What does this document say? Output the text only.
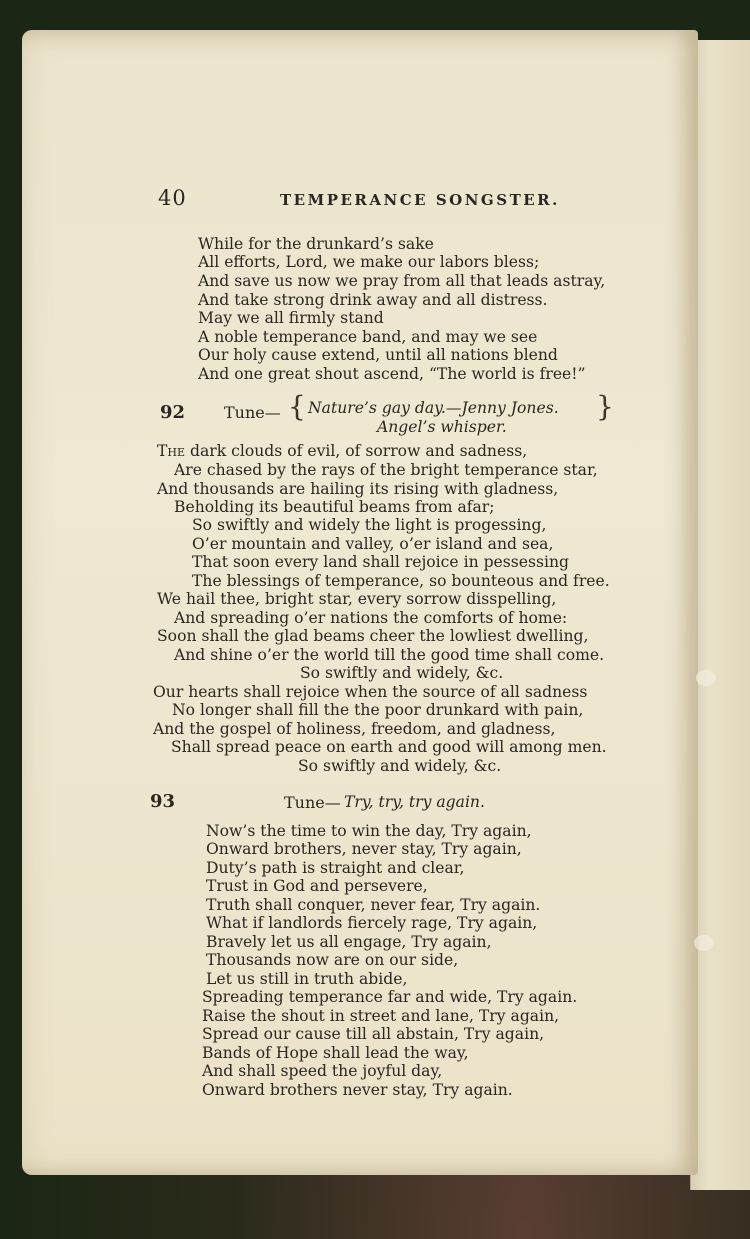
40	TEMPERANCE SONGSTER.
While for the drunkard’s sake
All efforts, Lord, we make our labors bless;
And save us now we pray from all that leads astray,
And take strong drink away and all distress.
May we all firmly stand
A noble temperance band, and may we see
Our holy cause extend, until all nations blend
And one great shout ascend, “The world is free!”
92 Tune— { Nature’s gay day.—Jenny Jones.
Angel’s whisper.
}
The dark clouds of evil, of sorrow and sadness,
Are chased by the rays of the bright temperance star,
And thousands are hailing its rising with gladness,
Beholding its beautiful beams from afar;
So swiftly and widely the light is progessing,
O’er mountain and valley, o’er island and sea,
That soon every land shall rejoice in pessessing
The blessings of temperance, so bounteous and free.
We hail thee, bright star, every sorrow disspelling,
And spreading o’er nations the comforts of home:
Soon shall the glad beams cheer the lowliest dwelling,
And shine o’er the world till the good time shall come.
So swiftly and widely, &c.
Our hearts shall rejoice when the source of all sadness
No longer shall fill the the poor drunkard with pain,
And the gospel of holiness, freedom, and gladness,
Shall spread peace on earth and good will among men.
So swiftly and widely, &c.
93	Tune— Try, try, try again.
Now’s the time to win the day, Try again,
Onward brothers, never stay, Try again,
Duty’s path is straight and clear,
Trust in God and persevere,
Truth shall conquer, never fear, Try again.
What if landlords fiercely rage, Try again,
Bravely let us all engage, Try again,
Thousands now are on our side,
Let us still in truth abide,
Spreading temperance far and wide, Try again.
Raise the shout in street and lane, Try again,
Spread our cause till all abstain, Try again,
Bands of Hope shall lead the way,
And shall speed the joyful day,
Onward brothers never stay, Try again.
